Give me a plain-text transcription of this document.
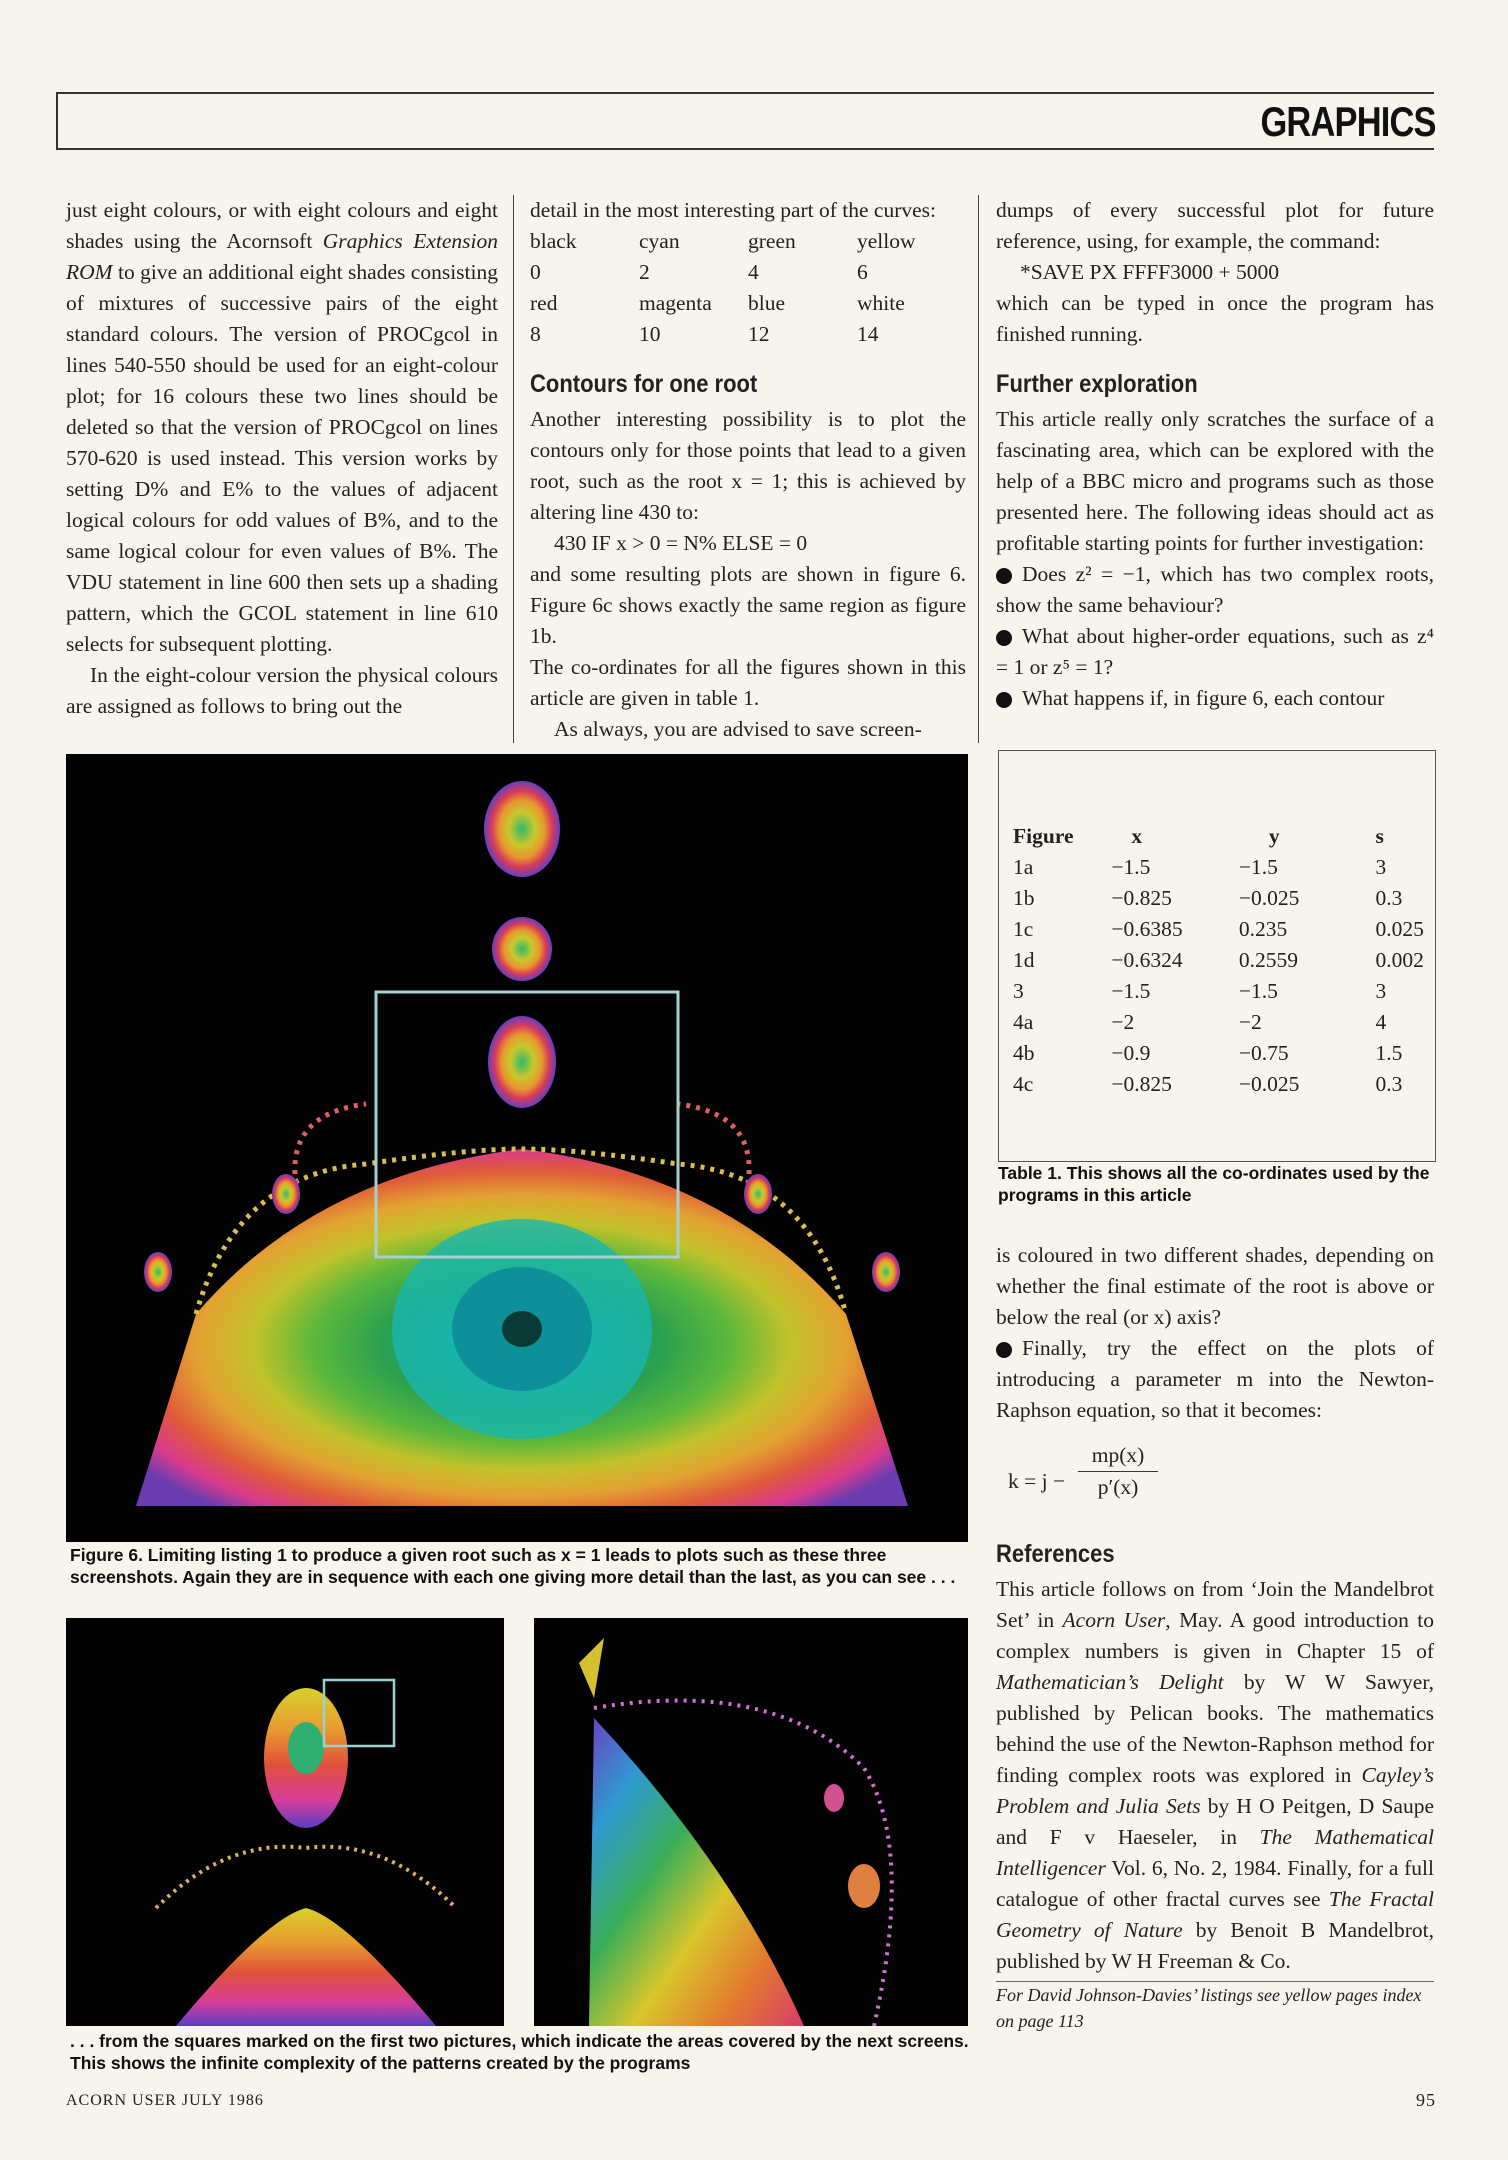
GRAPHICS

just eight colours, or with eight colours and eight shades using the Acornsoft Graphics Extension ROM to give an additional eight shades consisting of mixtures of successive pairs of the eight standard colours. The version of PROCgcol in lines 540-550 should be used for an eight-colour plot; for 16 colours these two lines should be deleted so that the version of PROCgcol on lines 570-620 is used instead. This version works by setting D% and E% to the values of adjacent logical colours for odd values of B%, and to the same logical colour for even values of B%. The VDU statement in line 600 then sets up a shading pattern, which the GCOL statement in line 610 selects for subsequent plotting.

In the eight-colour version the physical colours are assigned as follows to bring out the

detail in the most interesting part of the curves:

black	cyan	green	yellow
0	2	4	6
red	magenta	blue	white
8	10	12	14
Contours for one root

Another interesting possibility is to plot the contours only for those points that lead to a given root, such as the root x = 1; this is achieved by altering line 430 to:

430 IF x > 0 = N% ELSE = 0

and some resulting plots are shown in figure 6. Figure 6c shows exactly the same region as figure 1b.

The co-ordinates for all the figures shown in this article are given in table 1.

As always, you are advised to save screen-

dumps of every successful plot for future reference, using, for example, the command:

*SAVE PX FFFF3000 + 5000

which can be typed in once the program has finished running.

Further exploration

This article really only scratches the surface of a fascinating area, which can be explored with the help of a BBC micro and programs such as those presented here. The following ideas should act as profitable starting points for further investigation:

Does z² = −1, which has two complex roots, show the same behaviour?

What about higher-order equations, such as z⁴ = 1 or z⁵ = 1?

What happens if, in figure 6, each contour

Figure	x	y	s
1a	−1.5	−1.5	3
1b	−0.825	−0.025	0.3
1c	−0.6385	0.235	0.025
1d	−0.6324	0.2559	0.002
3	−1.5	−1.5	3
4a	−2	−2	4
4b	−0.9	−0.75	1.5
4c	−0.825	−0.025	0.3
Table 1. This shows all the co-ordinates used by the programs in this article

is coloured in two different shades, depending on whether the final estimate of the root is above or below the real (or x) axis?

Finally, try the effect on the plots of introducing a parameter m into the Newton-Raphson equation, so that it becomes:

$k = j - \frac{mp(x)}{p'(x)}$
References

This article follows on from ‘Join the Mandelbrot Set’ in Acorn User, May. A good introduction to complex numbers is given in Chapter 15 of Mathematician’s Delight by W W Sawyer, published by Pelican books. The mathematics behind the use of the Newton-Raphson method for finding complex roots was explored in Cayley’s Problem and Julia Sets by H O Peitgen, D Saupe and F v Haeseler, in The Mathematical Intelligencer Vol. 6, No. 2, 1984. Finally, for a full catalogue of other fractal curves see The Fractal Geometry of Nature by Benoit B Mandelbrot, published by W H Freeman & Co.

For David Johnson-Davies’ listings see yellow pages index on page 113

Figure 6. Limiting listing 1 to produce a given root such as x = 1 leads to plots such as these three screenshots. Again they are in sequence with each one giving more detail than the last, as you can see . . .
. . . from the squares marked on the first two pictures, which indicate the areas covered by the next screens. This shows the infinite complexity of the patterns created by the programs
ACORN USER JULY 1986	95
